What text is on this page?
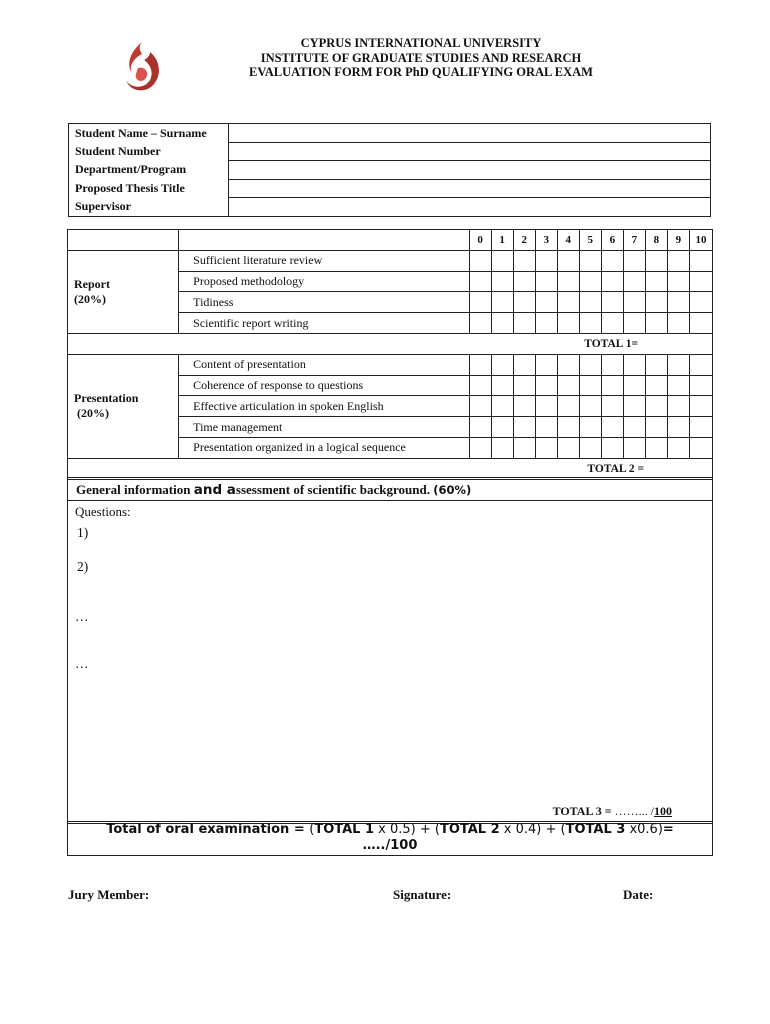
CYPRUS INTERNATIONAL UNIVERSITY
INSTITUTE OF GRADUATE STUDIES AND RESEARCH
EVALUATION FORM FOR PhD QUALIFYING ORAL EXAM
Student Name – Surname	
Student Number	
Department/Program	
Proposed Thesis Title	
Supervisor	
		0	1	2	3	4	5	6	7	8	9	10

Report
(20%)	Sufficient literature review											
	Proposed methodology											
	Tidiness											
	Scientific report writing											
TOTAL 1=												

Presentation
(20%)	Content of presentation											
	Coherence of response to questions											
	Effective articulation in spoken English											
	Time management											
	Presentation organized in a logical sequence											
TOTAL 2 =												
General information and assessment of scientific background. (60%)
Questions:
1)
2)
…
…
TOTAL 3 = ……... /100
Total of oral examination = (TOTAL 1 x 0.5) + (TOTAL 2 x 0.4) + (TOTAL 3 x0.6)=
…../100
Jury Member:	Signature:	Date:
